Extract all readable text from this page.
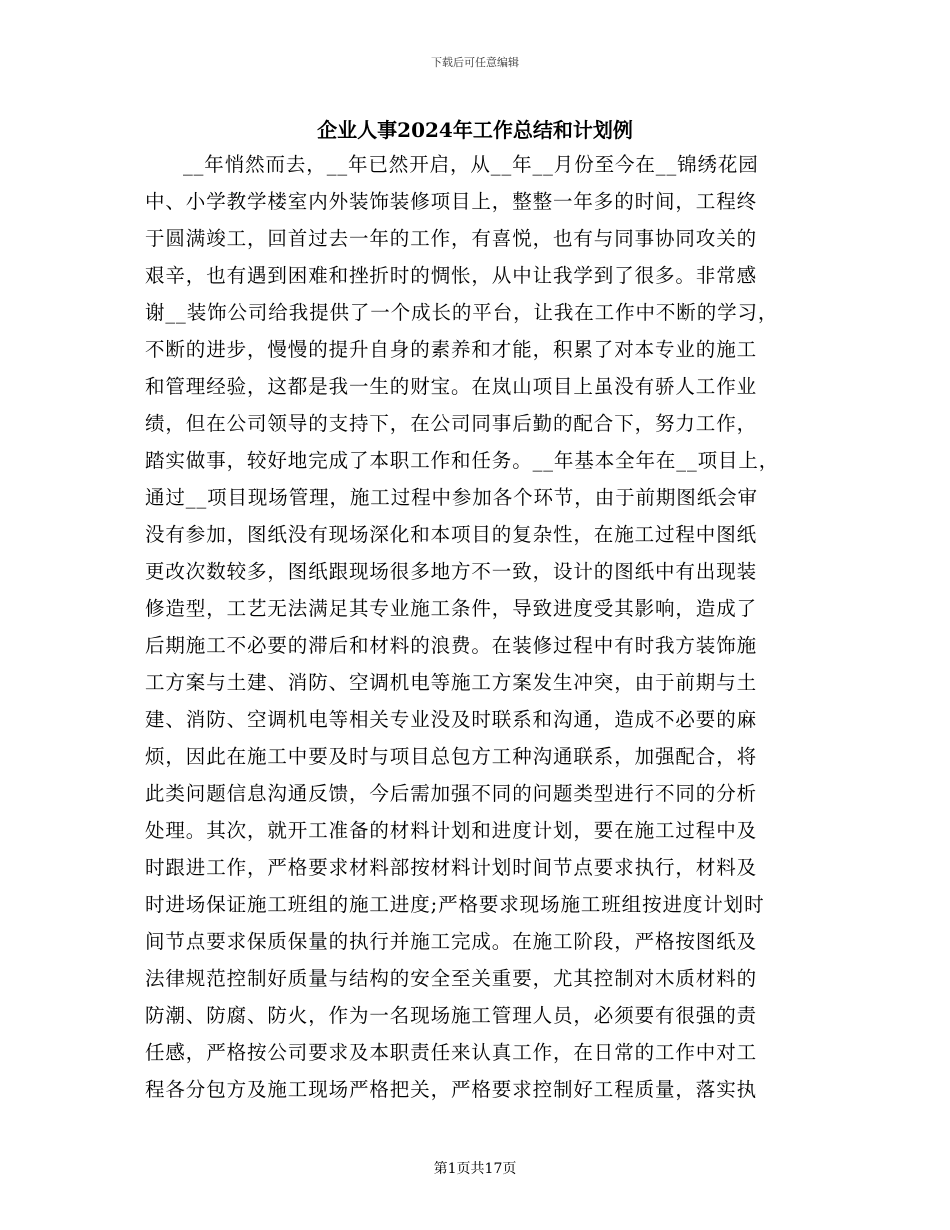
下载后可任意编辑
企业人事2024年工作总结和计划例
__年悄然而去，__年已然开启，从__年__月份至今在__锦绣花园
中、小学教学楼室内外装饰装修项目上，整整一年多的时间，工程终
于圆满竣工，回首过去一年的工作，有喜悦，也有与同事协同攻关的
艰辛，也有遇到困难和挫折时的惆怅，从中让我学到了很多。非常感
谢__装饰公司给我提供了一个成长的平台，让我在工作中不断的学习，
不断的进步，慢慢的提升自身的素养和才能，积累了对本专业的施工
和管理经验，这都是我一生的财宝。在岚山项目上虽没有骄人工作业
绩，但在公司领导的支持下，在公司同事后勤的配合下，努力工作，
踏实做事，较好地完成了本职工作和任务。__年基本全年在__项目上，
通过__项目现场管理，施工过程中参加各个环节，由于前期图纸会审
没有参加，图纸没有现场深化和本项目的复杂性，在施工过程中图纸
更改次数较多，图纸跟现场很多地方不一致，设计的图纸中有出现装
修造型，工艺无法满足其专业施工条件，导致进度受其影响，造成了
后期施工不必要的滞后和材料的浪费。在装修过程中有时我方装饰施
工方案与土建、消防、空调机电等施工方案发生冲突，由于前期与土
建、消防、空调机电等相关专业没及时联系和沟通，造成不必要的麻
烦，因此在施工中要及时与项目总包方工种沟通联系，加强配合，将
此类问题信息沟通反馈，今后需加强不同的问题类型进行不同的分析
处理。其次，就开工准备的材料计划和进度计划，要在施工过程中及
时跟进工作，严格要求材料部按材料计划时间节点要求执行，材料及
时进场保证施工班组的施工进度;严格要求现场施工班组按进度计划时
间节点要求保质保量的执行并施工完成。在施工阶段，严格按图纸及
法律规范控制好质量与结构的安全至关重要，尤其控制对木质材料的
防潮、防腐、防火，作为一名现场施工管理人员，必须要有很强的责
任感，严格按公司要求及本职责任来认真工作，在日常的工作中对工
程各分包方及施工现场严格把关，严格要求控制好工程质量，落实执
第1页共17页
